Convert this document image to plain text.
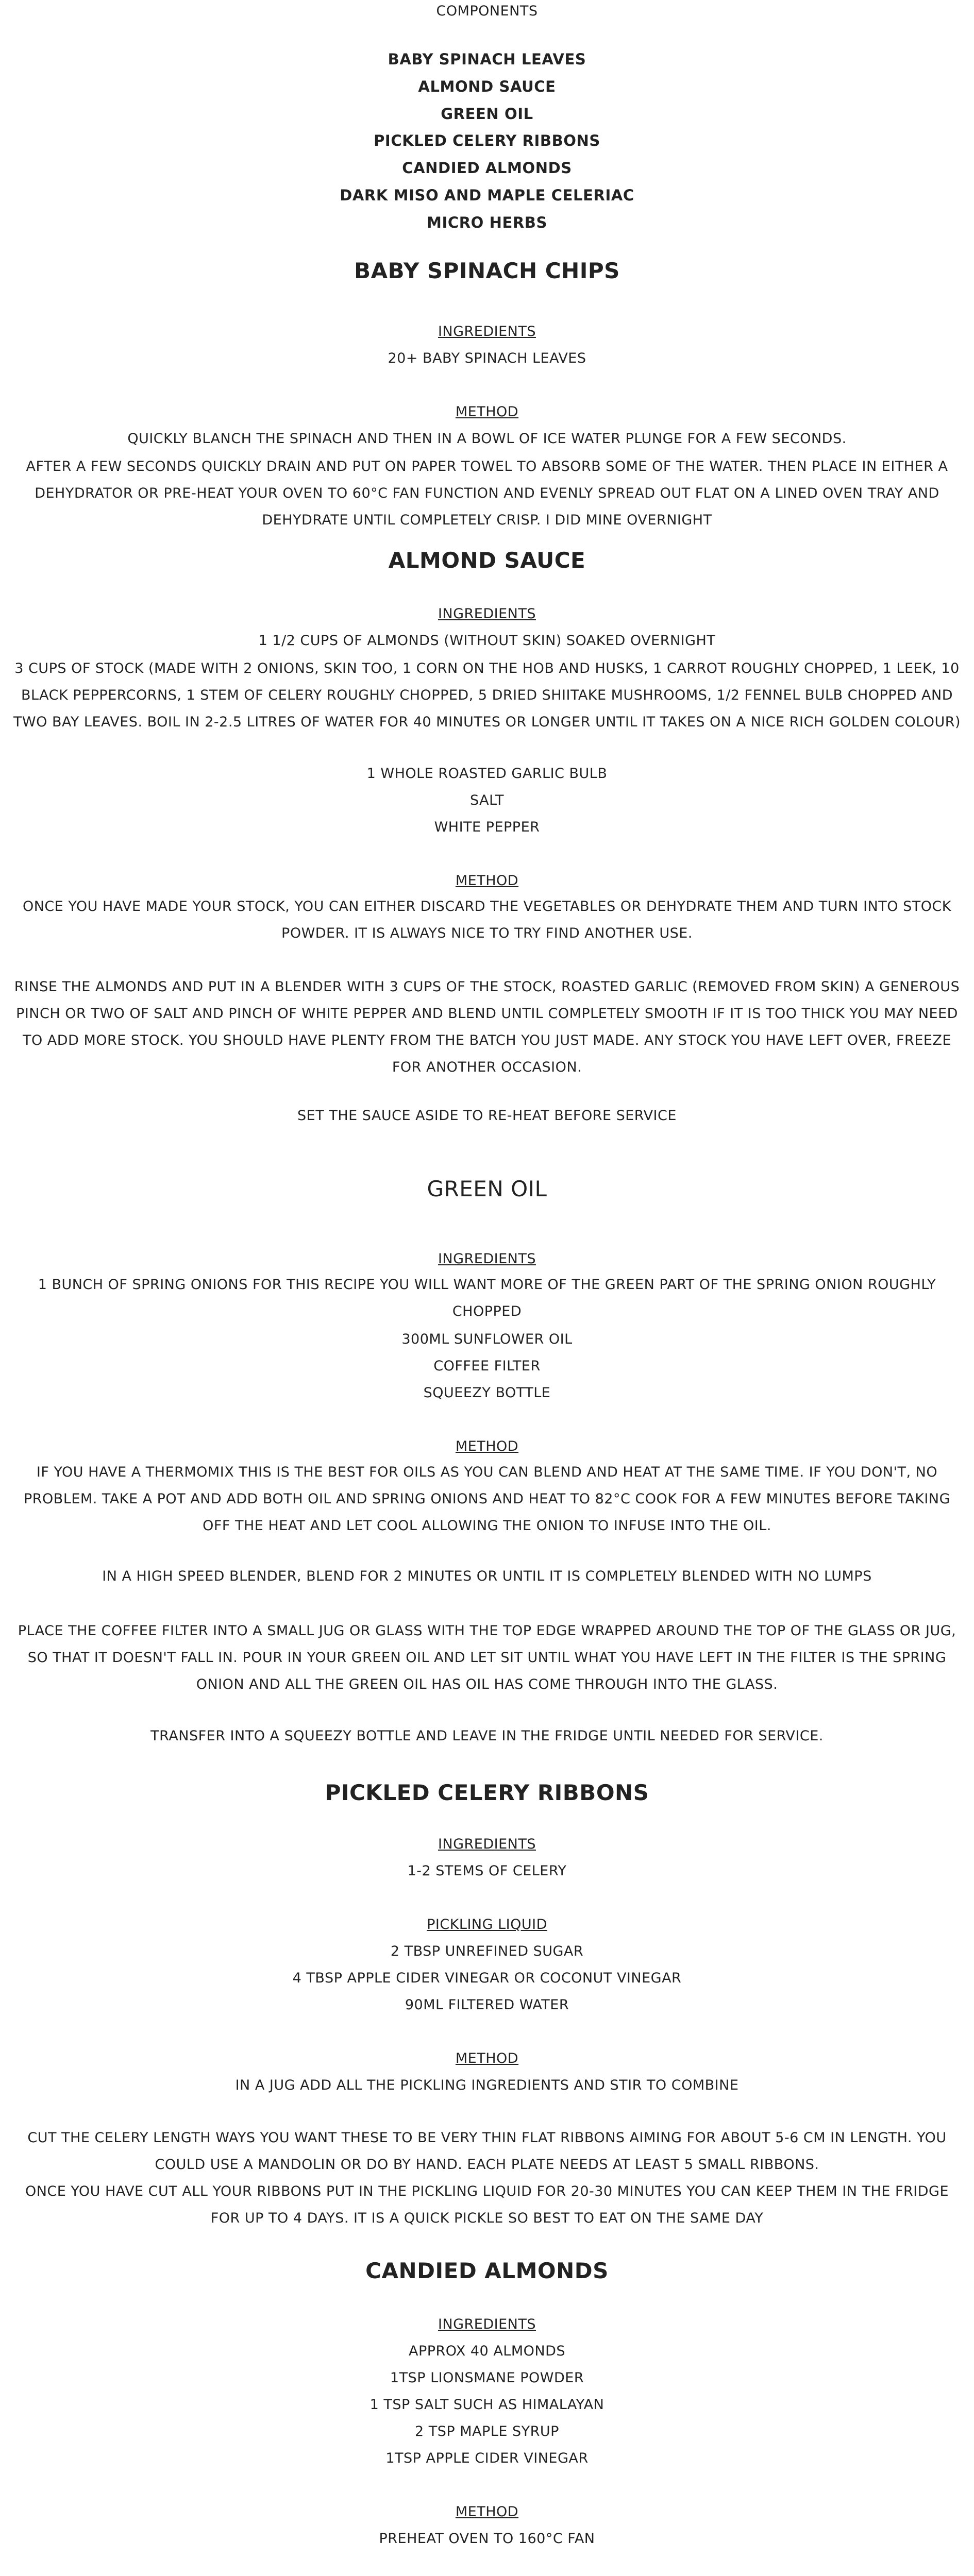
COMPONENTS
BABY SPINACH LEAVES
ALMOND SAUCE
GREEN OIL
PICKLED CELERY RIBBONS
CANDIED ALMONDS
DARK MISO AND MAPLE CELERIAC
MICRO HERBS
BABY SPINACH CHIPS
INGREDIENTS
20+ BABY SPINACH LEAVES
METHOD
QUICKLY BLANCH THE SPINACH AND THEN IN A BOWL OF ICE WATER PLUNGE FOR A FEW SECONDS.
AFTER A FEW SECONDS QUICKLY DRAIN AND PUT ON PAPER TOWEL TO ABSORB SOME OF THE WATER. THEN PLACE IN EITHER A DEHYDRATOR OR PRE-HEAT YOUR OVEN TO 60°C FAN FUNCTION AND EVENLY SPREAD OUT FLAT ON A LINED OVEN TRAY AND DEHYDRATE UNTIL COMPLETELY CRISP. I DID MINE OVERNIGHT
ALMOND SAUCE
INGREDIENTS
1 1/2 CUPS OF ALMONDS (WITHOUT SKIN) SOAKED OVERNIGHT
3 CUPS OF STOCK (MADE WITH 2 ONIONS, SKIN TOO, 1 CORN ON THE HOB AND HUSKS, 1 CARROT ROUGHLY CHOPPED, 1 LEEK, 10 BLACK PEPPERCORNS, 1 STEM OF CELERY ROUGHLY CHOPPED, 5 DRIED SHIITAKE MUSHROOMS, 1/2 FENNEL BULB CHOPPED AND TWO BAY LEAVES. BOIL IN 2-2.5 LITRES OF WATER FOR 40 MINUTES OR LONGER UNTIL IT TAKES ON A NICE RICH GOLDEN COLOUR)
1 WHOLE ROASTED GARLIC BULB
SALT
WHITE PEPPER
METHOD
ONCE YOU HAVE MADE YOUR STOCK, YOU CAN EITHER DISCARD THE VEGETABLES OR DEHYDRATE THEM AND TURN INTO STOCK POWDER. IT IS ALWAYS NICE TO TRY FIND ANOTHER USE.
RINSE THE ALMONDS AND PUT IN A BLENDER WITH 3 CUPS OF THE STOCK, ROASTED GARLIC (REMOVED FROM SKIN) A GENEROUS PINCH OR TWO OF SALT AND PINCH OF WHITE PEPPER AND BLEND UNTIL COMPLETELY SMOOTH IF IT IS TOO THICK YOU MAY NEED TO ADD MORE STOCK. YOU SHOULD HAVE PLENTY FROM THE BATCH YOU JUST MADE. ANY STOCK YOU HAVE LEFT OVER, FREEZE FOR ANOTHER OCCASION.
SET THE SAUCE ASIDE TO RE-HEAT BEFORE SERVICE
GREEN OIL
INGREDIENTS
1 BUNCH OF SPRING ONIONS FOR THIS RECIPE YOU WILL WANT MORE OF THE GREEN PART OF THE SPRING ONION ROUGHLY CHOPPED
300ML SUNFLOWER OIL
COFFEE FILTER
SQUEEZY BOTTLE
METHOD
IF YOU HAVE A THERMOMIX THIS IS THE BEST FOR OILS AS YOU CAN BLEND AND HEAT AT THE SAME TIME. IF YOU DON'T, NO PROBLEM. TAKE A POT AND ADD BOTH OIL AND SPRING ONIONS AND HEAT TO 82°C COOK FOR A FEW MINUTES BEFORE TAKING OFF THE HEAT AND LET COOL ALLOWING THE ONION TO INFUSE INTO THE OIL.
IN A HIGH SPEED BLENDER, BLEND FOR 2 MINUTES OR UNTIL IT IS COMPLETELY BLENDED WITH NO LUMPS
PLACE THE COFFEE FILTER INTO A SMALL JUG OR GLASS WITH THE TOP EDGE WRAPPED AROUND THE TOP OF THE GLASS OR JUG, SO THAT IT DOESN'T FALL IN. POUR IN YOUR GREEN OIL AND LET SIT UNTIL WHAT YOU HAVE LEFT IN THE FILTER IS THE SPRING ONION AND ALL THE GREEN OIL HAS OIL HAS COME THROUGH INTO THE GLASS.
TRANSFER INTO A SQUEEZY BOTTLE AND LEAVE IN THE FRIDGE UNTIL NEEDED FOR SERVICE.
PICKLED CELERY RIBBONS
INGREDIENTS
1-2 STEMS OF CELERY
PICKLING LIQUID
2 TBSP UNREFINED SUGAR
4 TBSP APPLE CIDER VINEGAR OR COCONUT VINEGAR
90ML FILTERED WATER
METHOD
IN A JUG ADD ALL THE PICKLING INGREDIENTS AND STIR TO COMBINE
CUT THE CELERY LENGTH WAYS YOU WANT THESE TO BE VERY THIN FLAT RIBBONS AIMING FOR ABOUT 5-6 CM IN LENGTH. YOU COULD USE A MANDOLIN OR DO BY HAND. EACH PLATE NEEDS AT LEAST 5 SMALL RIBBONS.
ONCE YOU HAVE CUT ALL YOUR RIBBONS PUT IN THE PICKLING LIQUID FOR 20-30 MINUTES YOU CAN KEEP THEM IN THE FRIDGE FOR UP TO 4 DAYS. IT IS A QUICK PICKLE SO BEST TO EAT ON THE SAME DAY
CANDIED ALMONDS
INGREDIENTS
APPROX 40 ALMONDS
1TSP LIONSMANE POWDER
1 TSP SALT SUCH AS HIMALAYAN
2 TSP MAPLE SYRUP
1TSP APPLE CIDER VINEGAR
METHOD
PREHEAT OVEN TO 160°C FAN
